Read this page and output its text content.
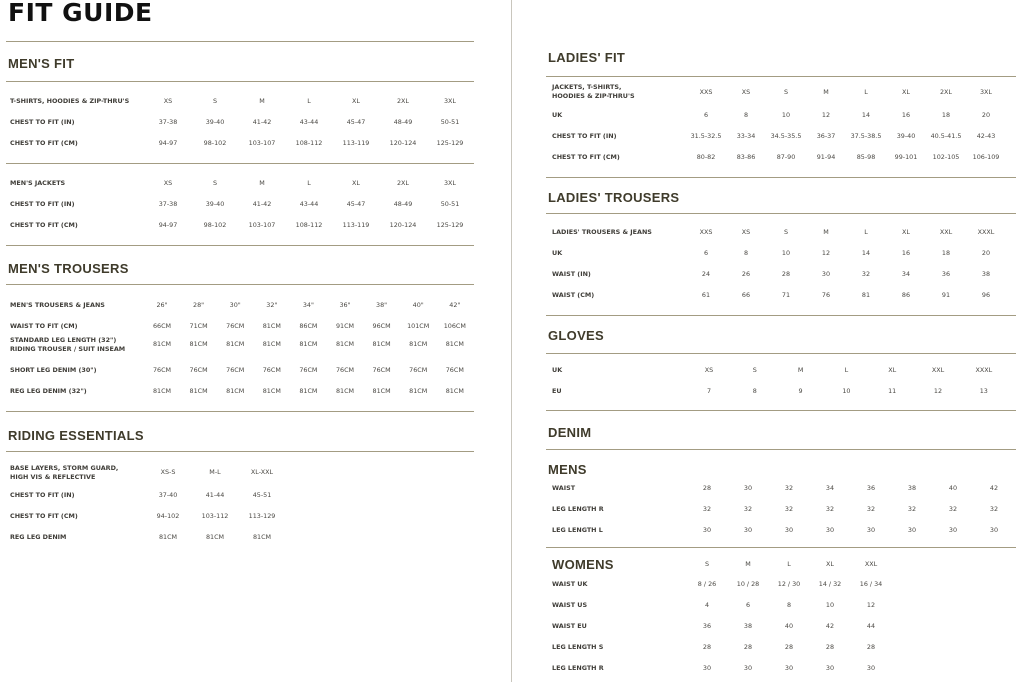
FIT GUIDE
MEN'S FIT
T-SHIRTS, HOODIES & ZIP-THRU'S	XS	S	M	L	XL	2XL	3XL
CHEST TO FIT (IN)	37-38	39-40	41-42	43-44	45-47	48-49	50-51
CHEST TO FIT (CM)	94-97	98-102	103-107	108-112	113-119	120-124	125-129
MEN'S JACKETS	XS	S	M	L	XL	2XL	3XL
CHEST TO FIT (IN)	37-38	39-40	41-42	43-44	45-47	48-49	50-51
CHEST TO FIT (CM)	94-97	98-102	103-107	108-112	113-119	120-124	125-129
MEN'S TROUSERS
MEN'S TROUSERS & JEANS	26"	28"	30"	32"	34"	36"	38"	40"	42"
WAIST TO FIT (CM)	66CM	71CM	76CM	81CM	86CM	91CM	96CM	101CM 106CM
STANDARD LEG LENGTH (32")
RIDING TROUSER / SUIT INSEAM
81CM	81CM	81CM	81CM	81CM	81CM	81CM	81CM	81CM
SHORT LEG DENIM (30")	76CM	76CM	76CM	76CM	76CM	76CM	76CM	76CM	76CM
REG LEG DENIM (32")	81CM	81CM	81CM	81CM	81CM	81CM	81CM	81CM	81CM
RIDING ESSENTIALS
BASE LAYERS, STORM GUARD,
HIGH VIS & REFLECTIVE
XS-S	M-L	XL-XXL
CHEST TO FIT (IN)	37-40	41-44	45-51
CHEST TO FIT (CM)	94-102	103-112	113-129
REG LEG DENIM	81CM	81CM	81CM
LADIES' FIT
JACKETS, T-SHIRTS,
HOODIES & ZIP-THRU'S	XXS	XS	S	M	L	XL	2XL	3XL
UK	6	8	10	12	14	16	18	20
CHEST TO FIT (IN)	31.5-32.5 33-34 34.5-35.5 36-37 37.5-38.5 39-40 40.5-41.5 42-43
CHEST TO FIT (CM)	80-82	83-86	87-90	91-94	85-98	99-101 102-105 106-109
LADIES' TROUSERS
LADIES' TROUSERS & JEANS	XXS	XS	S	M	L	XL	XXL	XXXL
UK	6	8	10	12	14	16	18	20
WAIST (IN)	24	26	28	30	32	34	36	38
WAIST (CM)	61	66	71	76	81	86	91	96
GLOVES
UK	XS	S	M	L	XL	XXL	XXXL
EU	7	8	9	10	11	12	13
DENIM
MENS
WAIST	28	30	32	34	36	38	40	42
LEG LENGTH R	32	32	32	32	32	32	32	32
LEG LENGTH L	30	30	30	30	30	30	30	30
WOMENS	S	M	L	XL	XXL
WAIST UK	8 / 26	10 / 28	12 / 30	14 / 32	16 / 34
WAIST US	4	6	8	10	12
WAIST EU	36	38	40	42	44
LEG LENGTH S	28	28	28	28	28
LEG LENGTH R	30	30	30	30	30
